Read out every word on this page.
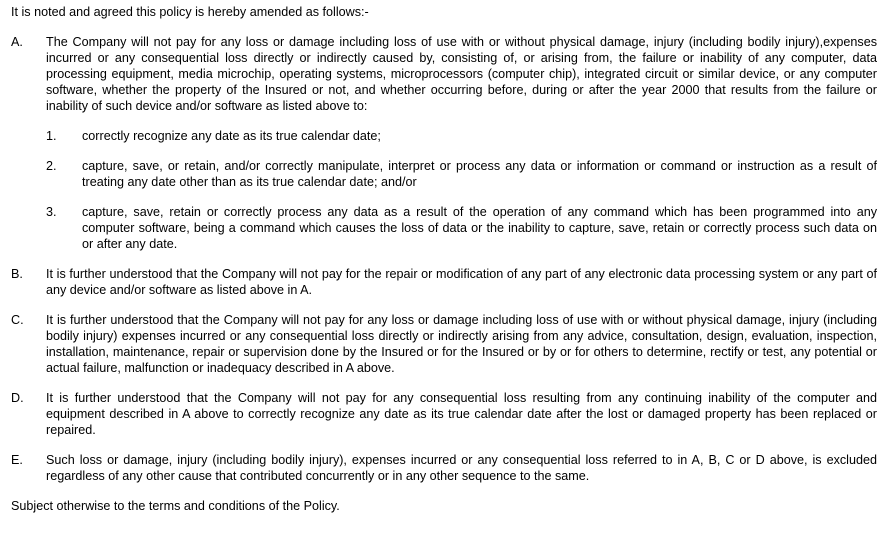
It is noted and agreed this policy is hereby amended as follows:-

A.	The Company will not pay for any loss or damage including loss of use with or without physical damage, injury (including bodily injury),expenses incurred or any consequential loss directly or indirectly caused by, consisting of, or arising from, the failure or inability of any computer, data processing equipment, media microchip, operating systems, microprocessors (computer chip), integrated circuit or similar device, or any computer software, whether the property of the Insured or not, and whether occurring before, during or after the year 2000 that results from the failure or inability of such device and/or software as listed above to:
1.	correctly recognize any date as its true calendar date;
2.	capture, save, or retain, and/or correctly manipulate, interpret or process any data or information or command or instruction as a result of treating any date other than as its true calendar date; and/or
3.	capture, save, retain or correctly process any data as a result of the operation of any command which has been programmed into any computer software, being a command which causes the loss of data or the inability to capture, save, retain or correctly process such data on or after any date.
B.	It is further understood that the Company will not pay for the repair or modification of any part of any electronic data processing system or any part of any device and/or software as listed above in A.
C.	It is further understood that the Company will not pay for any loss or damage including loss of use with or without physical damage, injury (including bodily injury) expenses incurred or any consequential loss directly or indirectly arising from any advice, consultation, design, evaluation, inspection, installation, maintenance, repair or supervision done by the Insured or for the Insured or by or for others to determine, rectify or test, any potential or actual failure, malfunction or inadequacy described in A above.
D.	It is further understood that the Company will not pay for any consequential loss resulting from any continuing inability of the computer and equipment described in A above to correctly recognize any date as its true calendar date after the lost or damaged property has been replaced or repaired.
E.	Such loss or damage, injury (including bodily injury), expenses incurred or any consequential loss referred to in A, B, C or D above, is excluded regardless of any other cause that contributed concurrently or in any other sequence to the same.

Subject otherwise to the terms and conditions of the Policy.
